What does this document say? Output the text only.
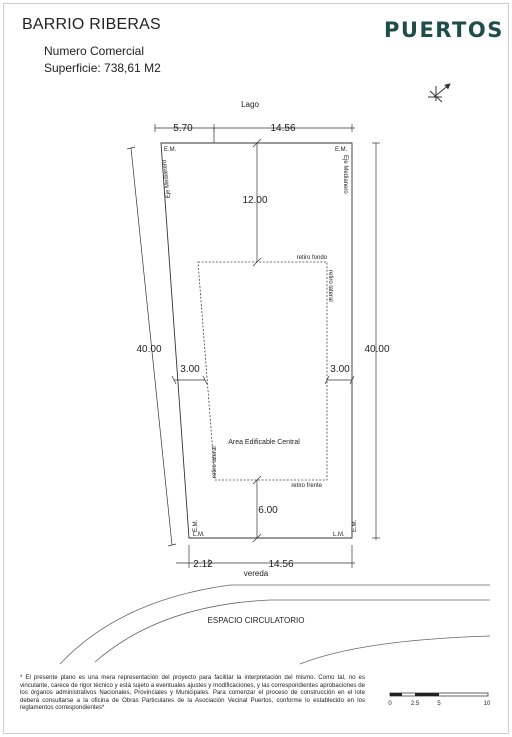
BARRIO RIBERAS
Numero Comercial
Superficie: 738,61 M2
PUERTOS
0	2.5	5	10
Lago
5.70	14.56
12.00
40.00	40.00
3.00	3.00
6.00
2.12	14.56
vereda
ESPACIO CIRCULATORIO
E.M.	E.M.
L.M.	L.M.
E.M.	E.M.
Eje Medianero	Eje Medianero
retiro fondo
retiro lateral
retiro lateral
retiro frente
Area Edificable Central
* El presente plano es una mera representación del proyecto para facilitar la interpretación del mismo. Como tal, no es vinculante, carece de rigor técnico y está sujeto a eventuales ajustes y modificaciones, y las correspondientes aprobaciones de los órganos administrativos Nacionales, Provinciales y Municipales. Para comenzar el proceso de construcción en el lote deberá consultarse a la oficina de Obras Particulares de la Asociación Vecinal Puertos, conforme lo establecido en los reglamentos correspondientes*
